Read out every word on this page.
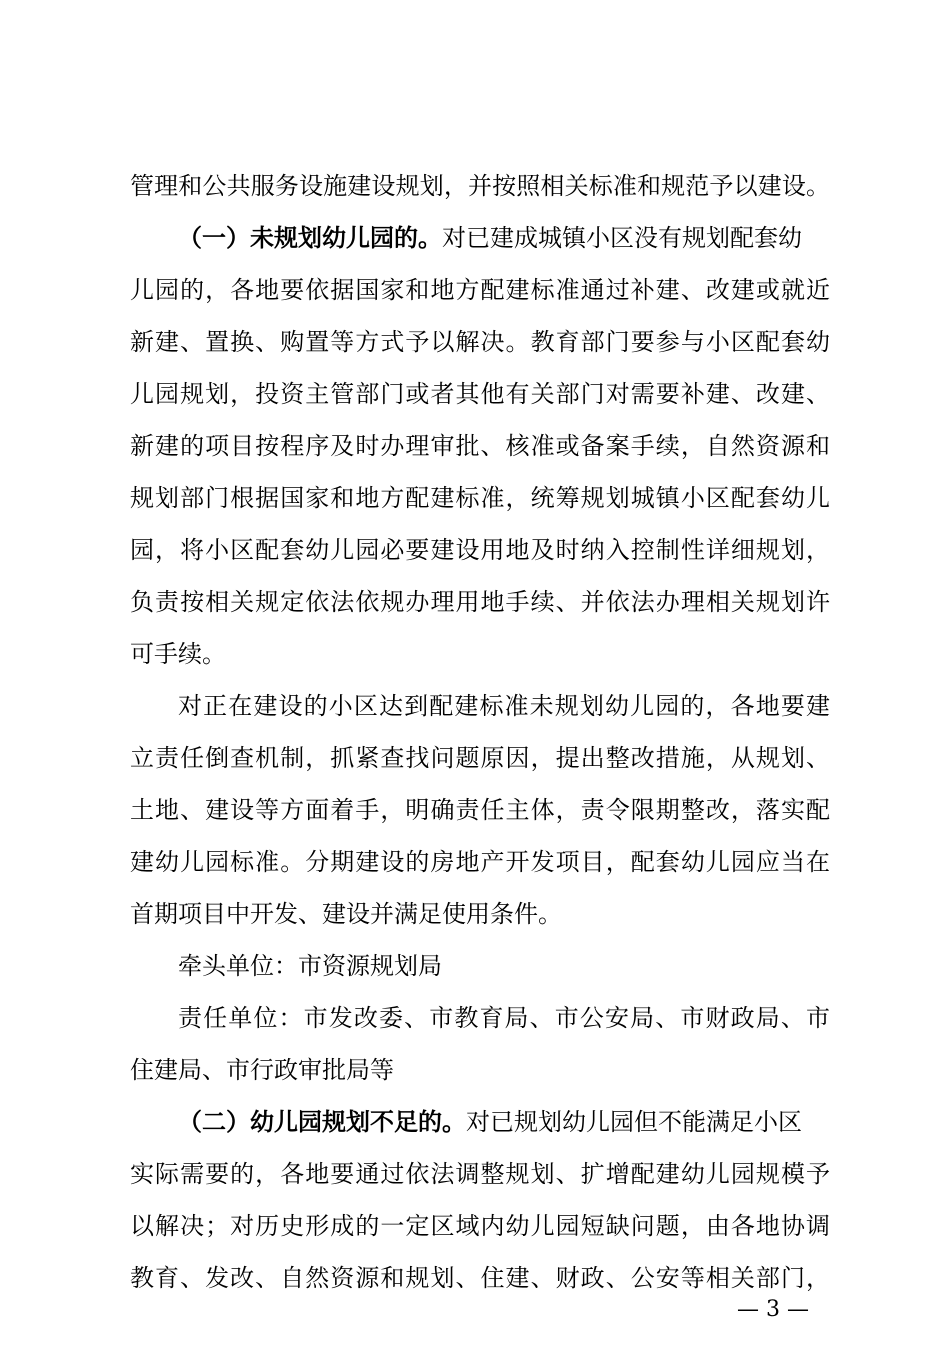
管理和公共服务设施建设规划，并按照相关标准和规范予以建设。
（一）未规划幼儿园的。对已建成城镇小区没有规划配套幼
儿园的，各地要依据国家和地方配建标准通过补建、改建或就近
新建、置换、购置等方式予以解决。教育部门要参与小区配套幼
儿园规划，投资主管部门或者其他有关部门对需要补建、改建、
新建的项目按程序及时办理审批、核准或备案手续，自然资源和
规划部门根据国家和地方配建标准，统筹规划城镇小区配套幼儿
园，将小区配套幼儿园必要建设用地及时纳入控制性详细规划，
负责按相关规定依法依规办理用地手续、并依法办理相关规划许
可手续。
对正在建设的小区达到配建标准未规划幼儿园的，各地要建
立责任倒查机制，抓紧查找问题原因，提出整改措施，从规划、
土地、建设等方面着手，明确责任主体，责令限期整改，落实配
建幼儿园标准。分期建设的房地产开发项目，配套幼儿园应当在
首期项目中开发、建设并满足使用条件。
牵头单位：市资源规划局
责任单位：市发改委、市教育局、市公安局、市财政局、市
住建局、市行政审批局等
（二）幼儿园规划不足的。对已规划幼儿园但不能满足小区
实际需要的，各地要通过依法调整规划、扩增配建幼儿园规模予
以解决；对历史形成的一定区域内幼儿园短缺问题，由各地协调
教育、发改、自然资源和规划、住建、财政、公安等相关部门，
— 3 —
